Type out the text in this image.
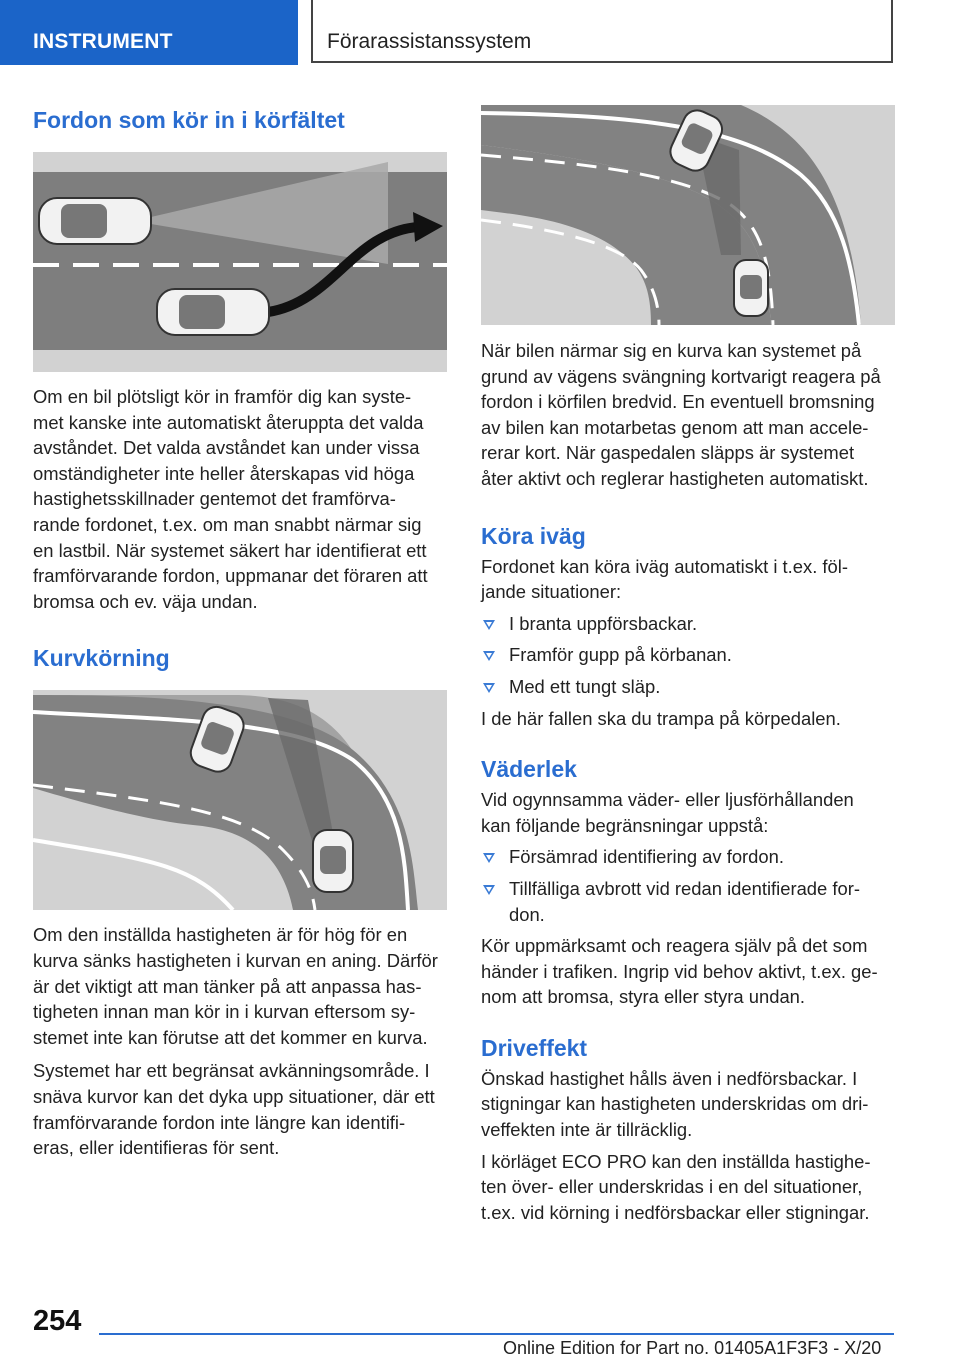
INSTRUMENT	Förarassistanssystem
Fordon som kör in i körfältet

Om en bil plötsligt kör in framför dig kan syste-
met kanske inte automatiskt återuppta det valda
avståndet. Det valda avståndet kan under vissa
omständigheter inte heller återskapas vid höga
hastighetsskillnader gentemot det framförva-
rande fordonet, t.ex. om man snabbt närmar sig
en lastbil. När systemet säkert har identifierat ett
framförvarande fordon, uppmanar det föraren att
bromsa och ev. väja undan.

Kurvkörning

Om den inställda hastigheten är för hög för en
kurva sänks hastigheten i kurvan en aning. Därför
är det viktigt att man tänker på att anpassa has-
tigheten innan man kör in i kurvan eftersom sy-
stemet inte kan förutse att det kommer en kurva.

Systemet har ett begränsat avkänningsområde. I
snäva kurvor kan det dyka upp situationer, där ett
framförvarande fordon inte längre kan identifi-
eras, eller identifieras för sent.

När bilen närmar sig en kurva kan systemet på
grund av vägens svängning kortvarigt reagera på
fordon i körfilen bredvid. En eventuell bromsning
av bilen kan motarbetas genom att man accele-
rerar kort. När gaspedalen släpps är systemet
åter aktivt och reglerar hastigheten automatiskt.

Köra iväg

Fordonet kan köra iväg automatiskt i t.ex. föl-
jande situationer:

I branta uppförsbackar.
Framför gupp på körbanan.
Med ett tungt släp.

I de här fallen ska du trampa på körpedalen.

Väderlek

Vid ogynnsamma väder- eller ljusförhållanden
kan följande begränsningar uppstå:

Försämrad identifiering av fordon.
Tillfälliga avbrott vid redan identifierade for-
don.

Kör uppmärksamt och reagera själv på det som
händer i trafiken. Ingrip vid behov aktivt, t.ex. ge-
nom att bromsa, styra eller styra undan.

Driveffekt

Önskad hastighet hålls även i nedförsbackar. I
stigningar kan hastigheten underskridas om dri-
veffekten inte är tillräcklig.

I körläget ECO PRO kan den inställda hastighe-
ten över- eller underskridas i en del situationer,
t.ex. vid körning i nedförsbackar eller stigningar.

254
Online Edition for Part no. 01405A1F3F3 - X/20
